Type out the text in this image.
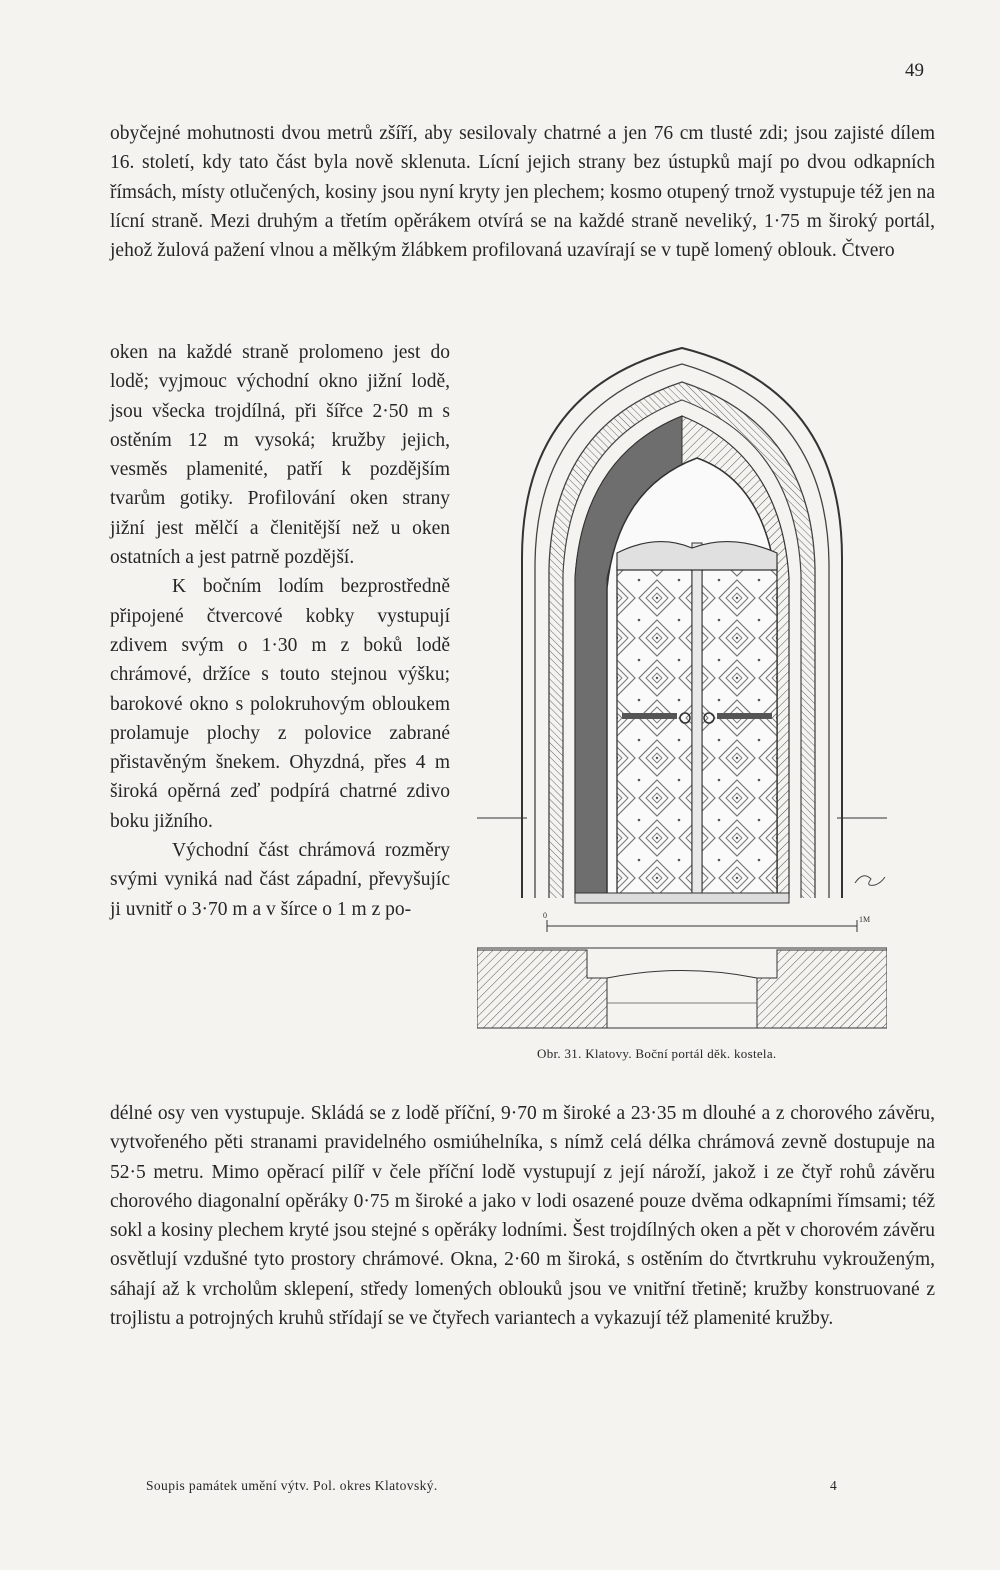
49

obyčejné mohutnosti dvou metrů zšíří, aby sesilovaly chatrné a jen 76 cm tlusté zdi; jsou zajisté dílem 16. století, kdy tato část byla nově sklenuta. Lícní jejich strany bez ústupků mají po dvou odkapních římsách, místy otlučených, kosiny jsou nyní kryty jen plechem; kosmo otupený trnož vystupuje též jen na lícní straně. Mezi druhým a třetím opěrákem otvírá se na každé straně neveliký, 1·75 m široký portál, jehož žulová pažení vlnou a mělkým žlábkem profilovaná uzavírají se v tupě lomený oblouk. Čtvero

oken na každé straně prolomeno jest do lodě; vyjmouc východní okno jižní lodě, jsou všecka trojdílná, při šířce 2·50 m s ostěním 12 m vysoká; kružby jejich, vesměs plamenité, patří k pozdějším tvarům gotiky. Profilování oken strany jižní jest mělčí a členitější než u oken ostatních a jest patrně pozdější.

K bočním lodím bezprostředně připojené čtvercové kobky vystupují zdivem svým o 1·30 m z boků lodě chrámové, držíce s touto stejnou výšku; barokové okno s polokruhovým obloukem prolamuje plochy z polovice zabrané přistavěným šnekem. Ohyzdná, přes 4 m široká opěrná zeď podpírá chatrné zdivo boku jižního.

Východní část chrámová rozměry svými vyniká nad část západní, převyšujíc ji uvnitř o 3·70 m a v šírce o 1 m z po-	0	1M
Obr. 31. Klatovy. Boční portál děk. kostela.

délné osy ven vystupuje. Skládá se z lodě příční, 9·70 m široké a 23·35 m dlouhé a z chorového závěru, vytvořeného pěti stranami pravidelného osmiúhelníka, s nímž celá délka chrámová zevně dostupuje na 52·5 metru. Mimo opěrací pilíř v čele příční lodě vystupují z její nároží, jakož i ze čtyř rohů závěru chorového diagonalní opěráky 0·75 m široké a jako v lodi osazené pouze dvěma odkapními římsami; též sokl a kosiny plechem kryté jsou stejné s opěráky lodními. Šest trojdílných oken a pět v chorovém závěru osvětlují vzdušné tyto prostory chrámové. Okna, 2·60 m široká, s ostěním do čtvrtkruhu vykrouženým, sáhají až k vrcholům sklepení, středy lomených oblouků jsou ve vnitřní třetině; kružby konstruované z trojlistu a potrojných kruhů střídají se ve čtyřech variantech a vykazují též plamenité kružby.

Soupis památek umění výtv. Pol. okres Klatovský.	4
